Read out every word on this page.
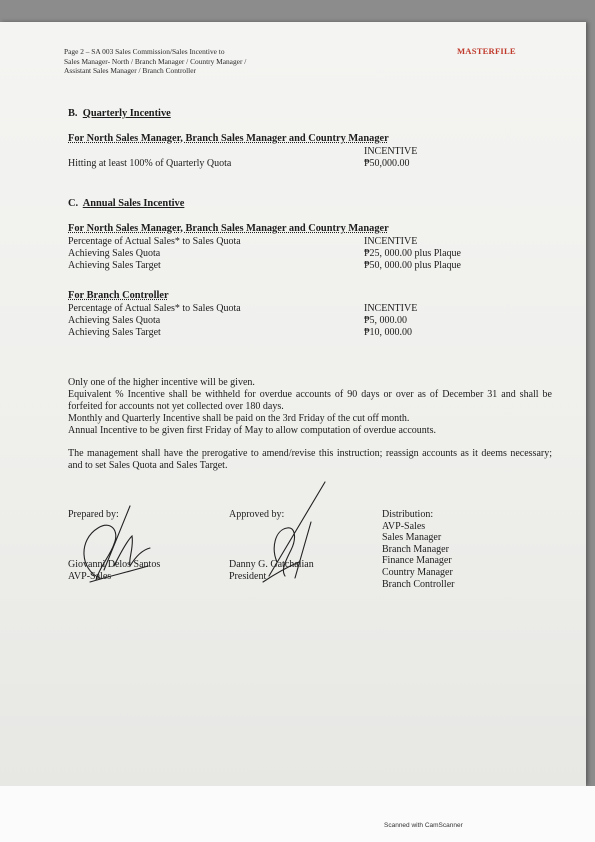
Page 2 – SA 003 Sales Commission/Sales Incentive to
Sales Manager- North / Branch Manager / Country Manager /
Assistant Sales Manager / Branch Controller
MASTERFILE
B. Quarterly Incentive
For North Sales Manager, Branch Sales Manager and Country Manager
INCENTIVE
Hitting at least 100% of Quarterly Quota	₱50,000.00
C. Annual Sales Incentive
For North Sales Manager, Branch Sales Manager and Country Manager
Percentage of Actual Sales* to Sales Quota	INCENTIVE
Achieving Sales Quota	₱25, 000.00 plus Plaque
Achieving Sales Target	₱50, 000.00 plus Plaque
For Branch Controller
Percentage of Actual Sales* to Sales Quota	INCENTIVE
Achieving Sales Quota	₱5, 000.00
Achieving Sales Target	₱10, 000.00
Only one of the higher incentive will be given.
Equivalent % Incentive shall be withheld for overdue accounts of 90 days or over as of December 31 and shall be forfeited for accounts not yet collected over 180 days.
Monthly and Quarterly Incentive shall be paid on the 3rd Friday of the cut off month.
Annual Incentive to be given first Friday of May to allow computation of overdue accounts.
The management shall have the prerogative to amend/revise this instruction; reassign accounts as it deems necessary; and to set Sales Quota and Sales Target.
Prepared by:
Giovanni Delos Santos
AVP-Sales
Approved by:
Danny G. Gatchalian
President
Distribution:
AVP-Sales
Sales Manager
Branch Manager
Finance Manager
Country Manager
Branch Controller
Scanned with CamScanner
